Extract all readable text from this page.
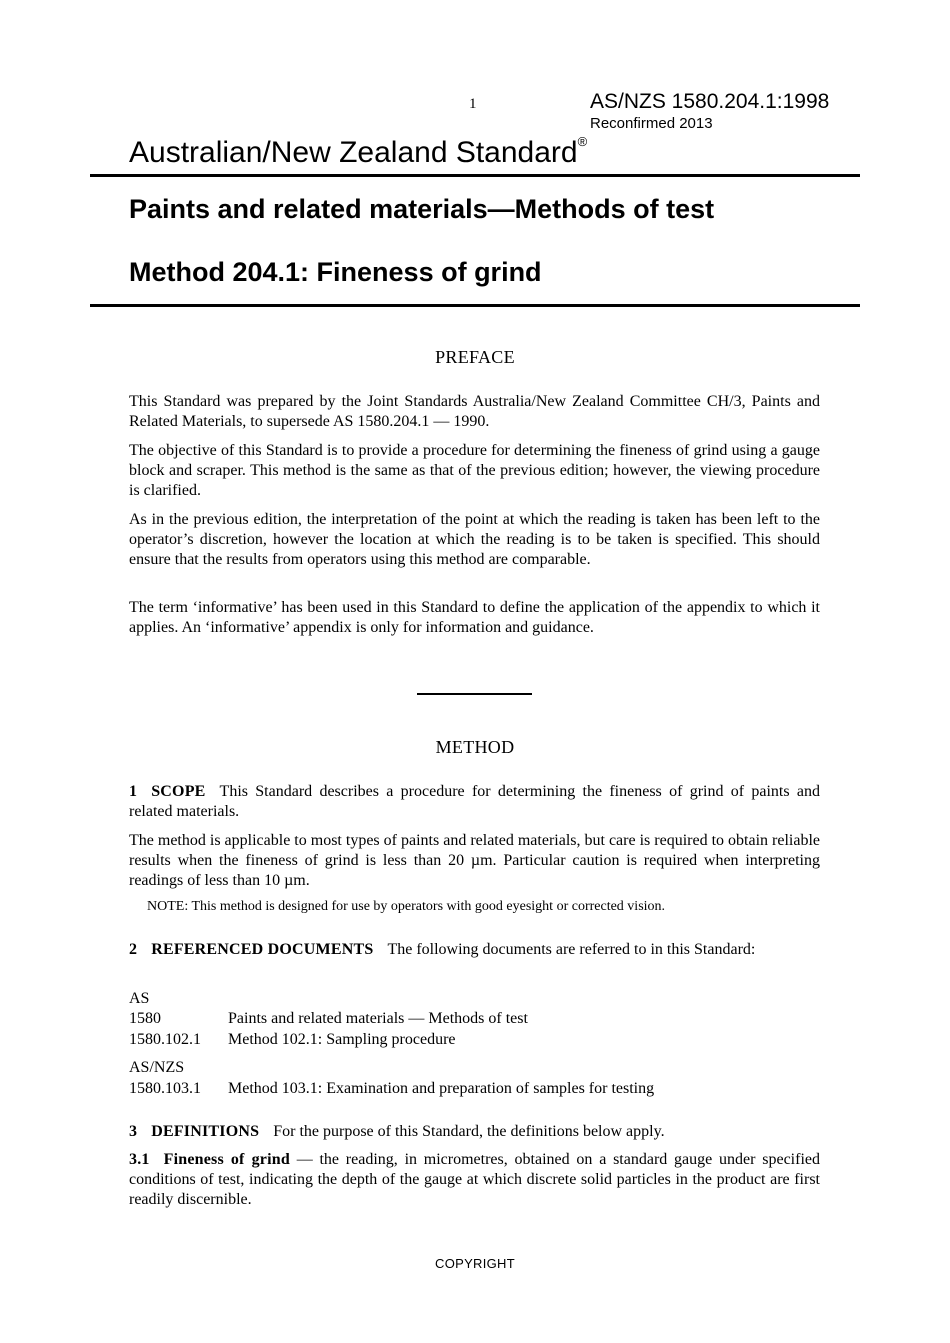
1	AS/NZS 1580.204.1:1998
Reconfirmed 2013
Australian/New Zealand Standard®
Paints and related materials—Methods of test
Method 204.1: Fineness of grind
PREFACE
This Standard was prepared by the Joint Standards Australia/New Zealand Committee CH/3, Paints and Related Materials, to supersede AS 1580.204.1 — 1990.
The objective of this Standard is to provide a procedure for determining the fineness of grind using a gauge block and scraper. This method is the same as that of the previous edition; however, the viewing procedure is clarified.
As in the previous edition, the interpretation of the point at which the reading is taken has been left to the operator’s discretion, however the location at which the reading is to be taken is specified. This should ensure that the results from operators using this method are comparable.
The term ‘informative’ has been used in this Standard to define the application of the appendix to which it applies. An ‘informative’ appendix is only for information and guidance.
METHOD
1 SCOPE This Standard describes a procedure for determining the fineness of grind of paints and related materials.
The method is applicable to most types of paints and related materials, but care is required to obtain reliable results when the fineness of grind is less than 20 µm. Particular caution is required when interpreting readings of less than 10 µm.
NOTE: This method is designed for use by operators with good eyesight or corrected vision.
2 REFERENCED DOCUMENTS The following documents are referred to in this Standard:
AS
1580	Paints and related materials — Methods of test
1580.102.1 Method 102.1: Sampling procedure
AS/NZS
1580.103.1 Method 103.1: Examination and preparation of samples for testing
3 DEFINITIONS For the purpose of this Standard, the definitions below apply.
3.1 Fineness of grind — the reading, in micrometres, obtained on a standard gauge under specified conditions of test, indicating the depth of the gauge at which discrete solid particles in the product are first readily discernible.
COPYRIGHT
